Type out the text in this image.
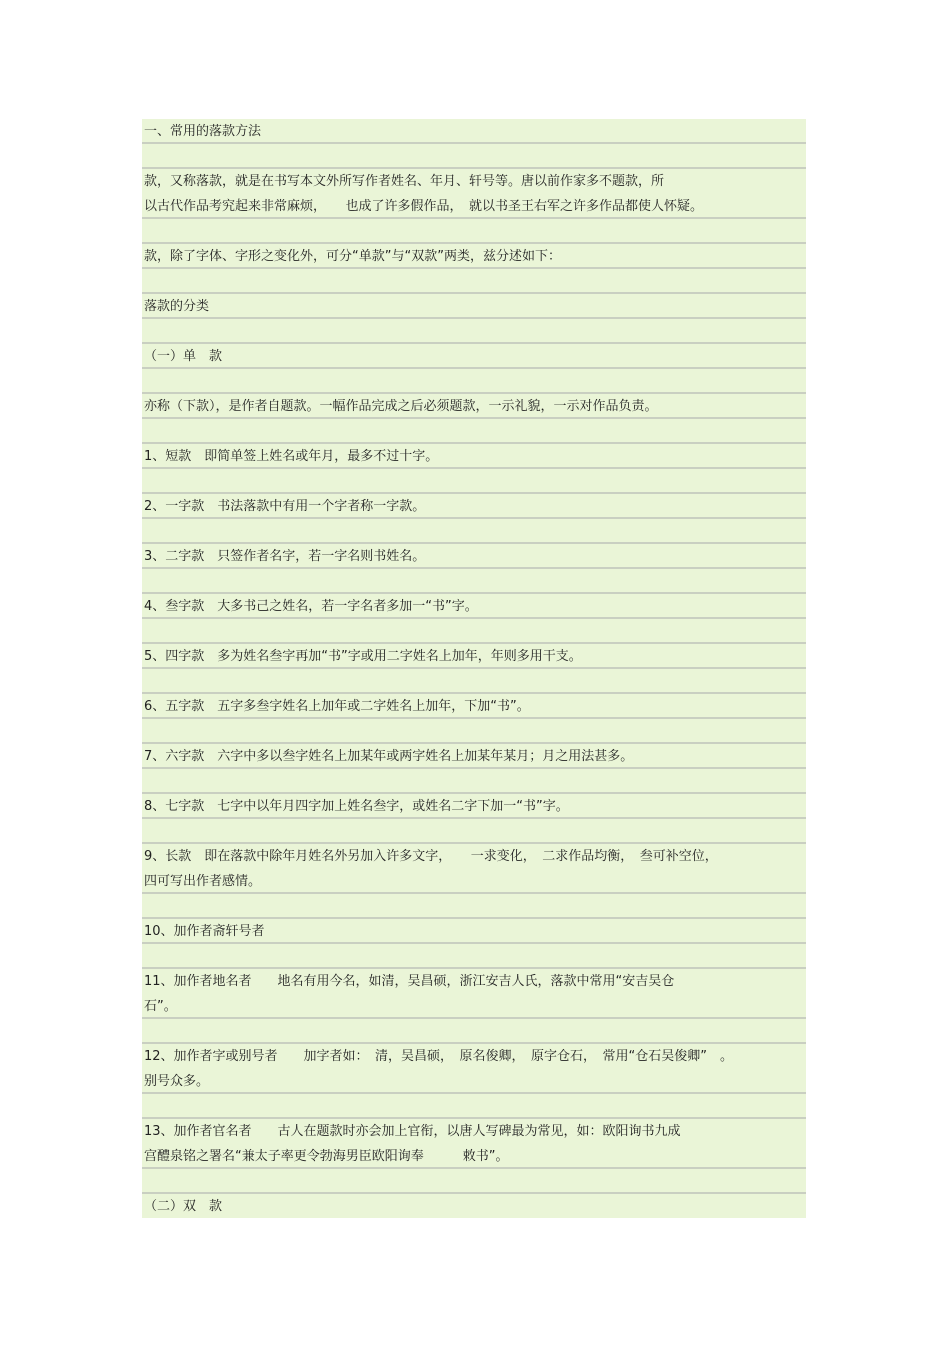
一、常用的落款方法
款，又称落款，就是在书写本文外所写作者姓名、年月、轩号等。唐以前作家多不题款，所
以古代作品考究起来非常麻烦，　　也成了许多假作品，　就以书圣王右军之许多作品都使人怀疑。
款，除了字体、字形之变化外，可分“单款”与“双款”两类，兹分述如下：
落款的分类
（一）单　款
亦称（下款），是作者自题款。一幅作品完成之后必须题款，一示礼貌，一示对作品负责。
1、短款　即简单签上姓名或年月，最多不过十字。
2、一字款　书法落款中有用一个字者称一字款。
3、二字款　只签作者名字，若一字名则书姓名。
4、叁字款　大多书己之姓名，若一字名者多加一“书”字。
5、四字款　多为姓名叁字再加“书”字或用二字姓名上加年，年则多用干支。
6、五字款　五字多叁字姓名上加年或二字姓名上加年，下加“书”。
7、六字款　六字中多以叁字姓名上加某年或两字姓名上加某年某月；月之用法甚多。
8、七字款　七字中以年月四字加上姓名叁字，或姓名二字下加一“书”字。
9、长款　即在落款中除年月姓名外另加入许多文字，　　一求变化，　二求作品均衡，　叁可补空位，
四可写出作者感情。
10、加作者斋轩号者
11、加作者地名者　　地名有用今名，如清，吴昌硕，浙江安吉人氏，落款中常用“安吉吴仓
石”。
12、加作者字或别号者　　加字者如：　清，吴昌硕，　原名俊卿，　原字仓石，　常用“仓石吴俊卿”　。
别号众多。
13、加作者官名者　　古人在题款时亦会加上官衔，以唐人写碑最为常见，如：欧阳询书九成
宫醴泉铭之署名“兼太子率更令勃海男臣欧阳询奉　　　敕书”。
（二）双　款
